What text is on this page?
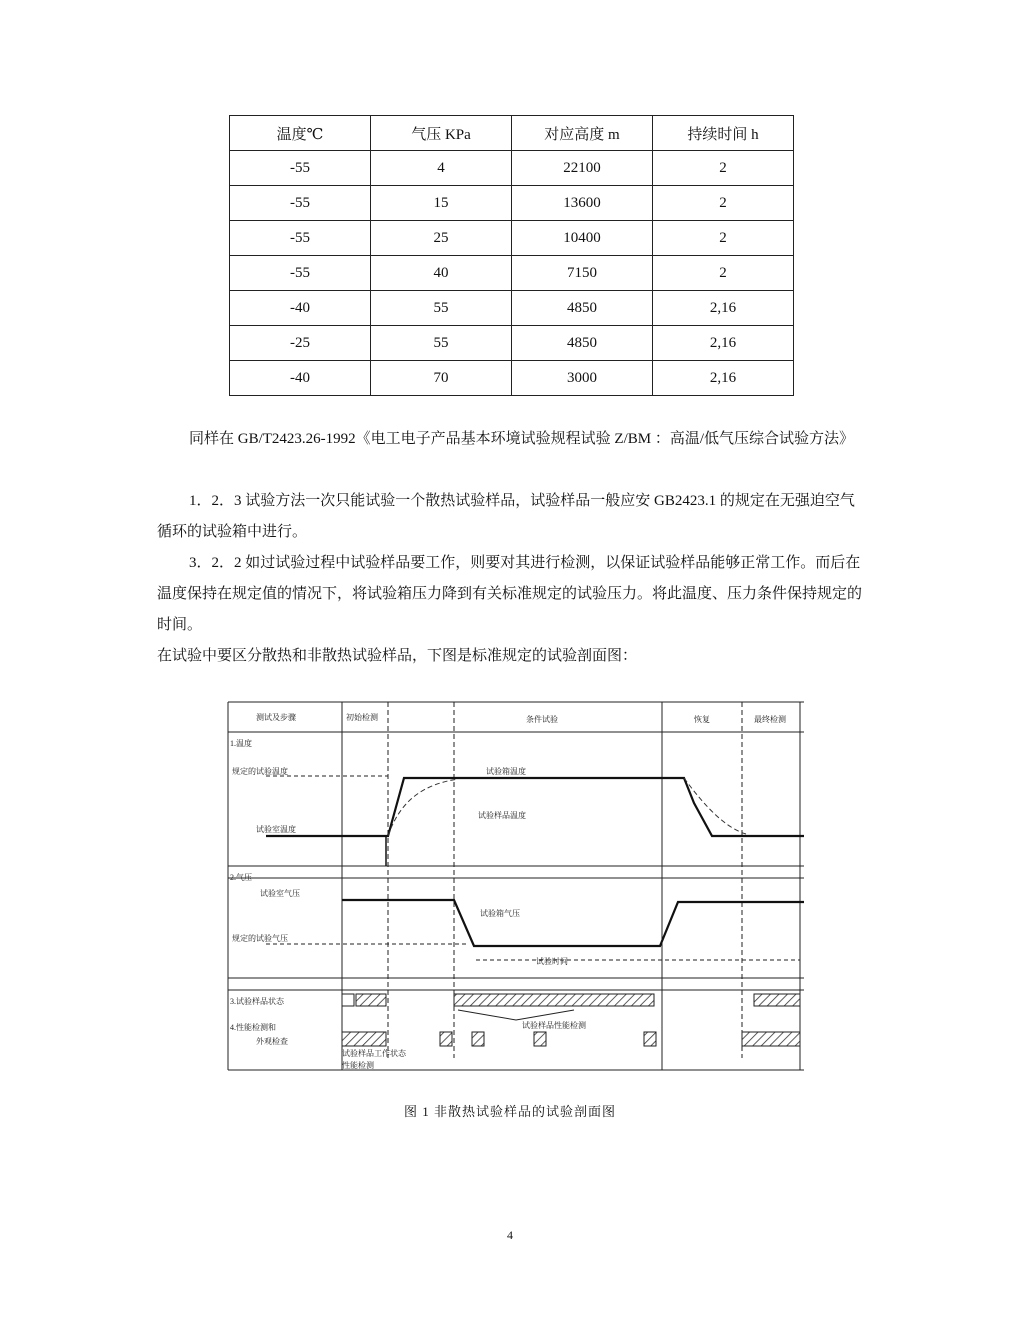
温度℃	气压 KPa	对应高度 m	持续时间 h
-55	4	22100	2
-55	15	13600	2
-55	25	10400	2
-55	40	7150	2
-40	55	4850	2,16
-25	55	4850	2,16
-40	70	3000	2,16

同样在 GB/T2423.26-1992《电工电子产品基本环境试验规程试验 Z/BM ：高温/低气压综合试验方法》

1．2．3 试验方法一次只能试验一个散热试验样品，试验样品一般应安 GB2423.1 的规定在无强迫空气循环的试验箱中进行。

3．2．2 如过试验过程中试验样品要工作，则要对其进行检测，以保证试验样品能够正常工作。而后在温度保持在规定值的情况下，将试验箱压力降到有关标准规定的试验压力。将此温度、压力条件保持规定的时间。

在试验中要区分散热和非散热试验样品，下图是标准规定的试验剖面图：

测试及步骤	初始检测	条件试验	恢复	最终检测
1.温度
规定的试验温度	试验箱温度
试验样品温度
试验室温度
2.气压
试验室气压
试验箱气压
规定的试验气压
试验时间
3.试验样品状态
4.性能检测和
外观检查
试验样品性能检测
试验样品工作状态
性能检测
图 1 非散热试验样品的试验剖面图
4
